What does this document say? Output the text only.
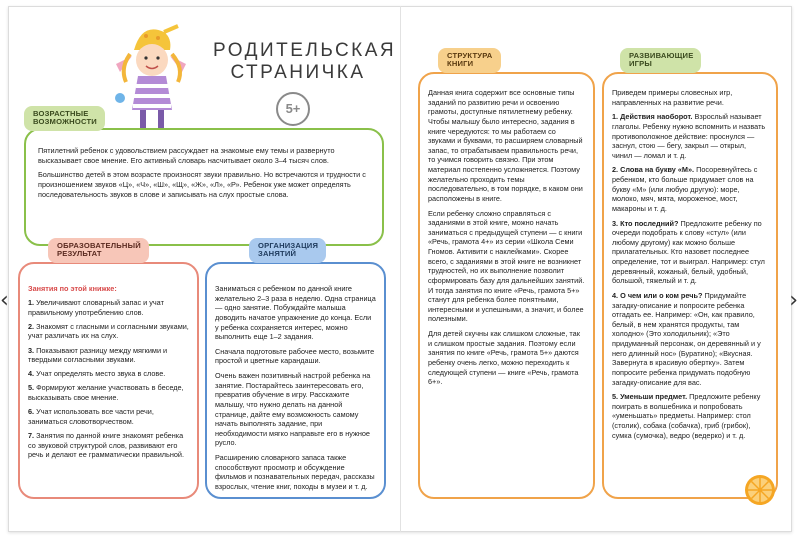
‹	›
РОДИТЕЛЬСКАЯ
СТРАНИЧКА
5+

Пятилетний ребенок с удовольствием рассуждает на знакомые ему темы и развернуто высказывает свое мнение. Его активный словарь насчитывает около 3–4 тысяч слов.

Большинство детей в этом возрасте произносят звуки правильно. Но встречаются и трудности с произношением звуков «Ц», «Ч», «Ш», «Щ», «Ж», «Л», «Р». Ребенок уже может определять последовательность звуков в слове и записывать на слух простые слова.

ВОЗРАСТНЫЕ
ВОЗМОЖНОСТИ
Занятия по этой книжке:
1. Увеличивают словарный запас и учат правильному употреблению слов.
2. Знакомят с гласными и согласными звуками, учат различать их на слух.
3. Показывают разницу между мягкими и твердыми согласными звуками.
4. Учат определять место звука в слове.
5. Формируют желание участвовать в беседе, высказывать свое мнение.
6. Учат использовать все части речи, заниматься словотворчеством.
7. Занятия по данной книге знакомят ребенка со звуковой структурой слов, развивают его речь и делают ее грамматически правильной.
ОБРАЗОВАТЕЛЬНЫЙ
РЕЗУЛЬТАТ

Заниматься с ребенком по данной книге желательно 2–3 раза в неделю. Одна страница — одно занятие. Побуждайте малыша доводить начатое упражнение до конца. Если у ребенка сохраняется интерес, можно выполнить еще 1–2 задания.

Сначала подготовьте рабочее место, возьмите простой и цветные карандаши.

Очень важен позитивный настрой ребенка на занятие. Постарайтесь заинтересовать его, превратив обучение в игру. Расскажите малышу, что нужно делать на данной странице, дайте ему возможность самому начать выполнять задание, при необходимости мягко направьте его в нужное русло.

Расширению словарного запаса также способствуют просмотр и обсуждение фильмов и познавательных передач, рассказы взрослых, чтение книг, походы в музеи и т. д.

ОРГАНИЗАЦИЯ
ЗАНЯТИЙ

Данная книга содержит все основные типы заданий по развитию речи и освоению грамоты, доступные пятилетнему ребенку. Чтобы малышу было интересно, задания в книге чередуются: то мы работаем со звуками и буквами, то расширяем словарный запас, то отрабатываем правильность речи, то учимся говорить связно. При этом материал постепенно усложняется. Поэтому желательно проходить темы последовательно, в том порядке, в каком они расположены в книге.

Если ребенку сложно справляться с заданиями в этой книге, можно начать заниматься с предыдущей ступени — с книги «Речь, грамота 4+» из серии «Школа Семи Гномов. Активити с наклейками». Скорее всего, с заданиями в этой книге не возникнет трудностей, но их выполнение позволит сформировать базу для дальнейших занятий. И тогда занятия по книге «Речь, грамота 5+» станут для ребенка более понятными, интересными и успешными, а значит, и более полезными.

Для детей скучны как слишком сложные, так и слишком простые задания. Поэтому если занятия по книге «Речь, грамота 5+» даются ребенку очень легко, можно переходить к следующей ступени — книге «Речь, грамота 6+».

СТРУКТУРА
КНИГИ

Приведем примеры словесных игр, направленных на развитие речи.

1. Действия наоборот. Взрослый называет глаголы. Ребенку нужно вспомнить и назвать противоположное действие: проснулся — заснул, стою — бегу, закрыл — открыл, чинил — ломал и т. д.

2. Слова на букву «М». Посоревнуйтесь с ребенком, кто больше придумает слов на букву «М» (или любую другую): море, молоко, мяч, мята, мороженое, мост, макароны и т. д.

3. Кто последний? Предложите ребенку по очереди подобрать к слову «стул» (или любому другому) как можно больше прилагательных. Кто назовет последнее определение, тот и выиграл. Например: стул деревянный, кожаный, белый, удобный, большой, тяжелый и т. д.

4. О чем или о ком речь? Придумайте загадку-описание и попросите ребенка отгадать ее. Например: «Он, как правило, белый, в нем хранятся продукты, там холодно» (Это холодильник); «Это придуманный персонаж, он деревянный и у него длинный нос» (Буратино); «Вкусная. Завернута в красивую обертку». Затем попросите ребенка придумать подобную загадку-описание для вас.

5. Уменьши предмет. Предложите ребенку поиграть в волшебника и попробовать «уменьшать» предметы. Например: стол (столик), собака (собачка), гриб (грибок), сумка (сумочка), ведро (ведерко) и т. д.

РАЗВИВАЮЩИЕ
ИГРЫ
